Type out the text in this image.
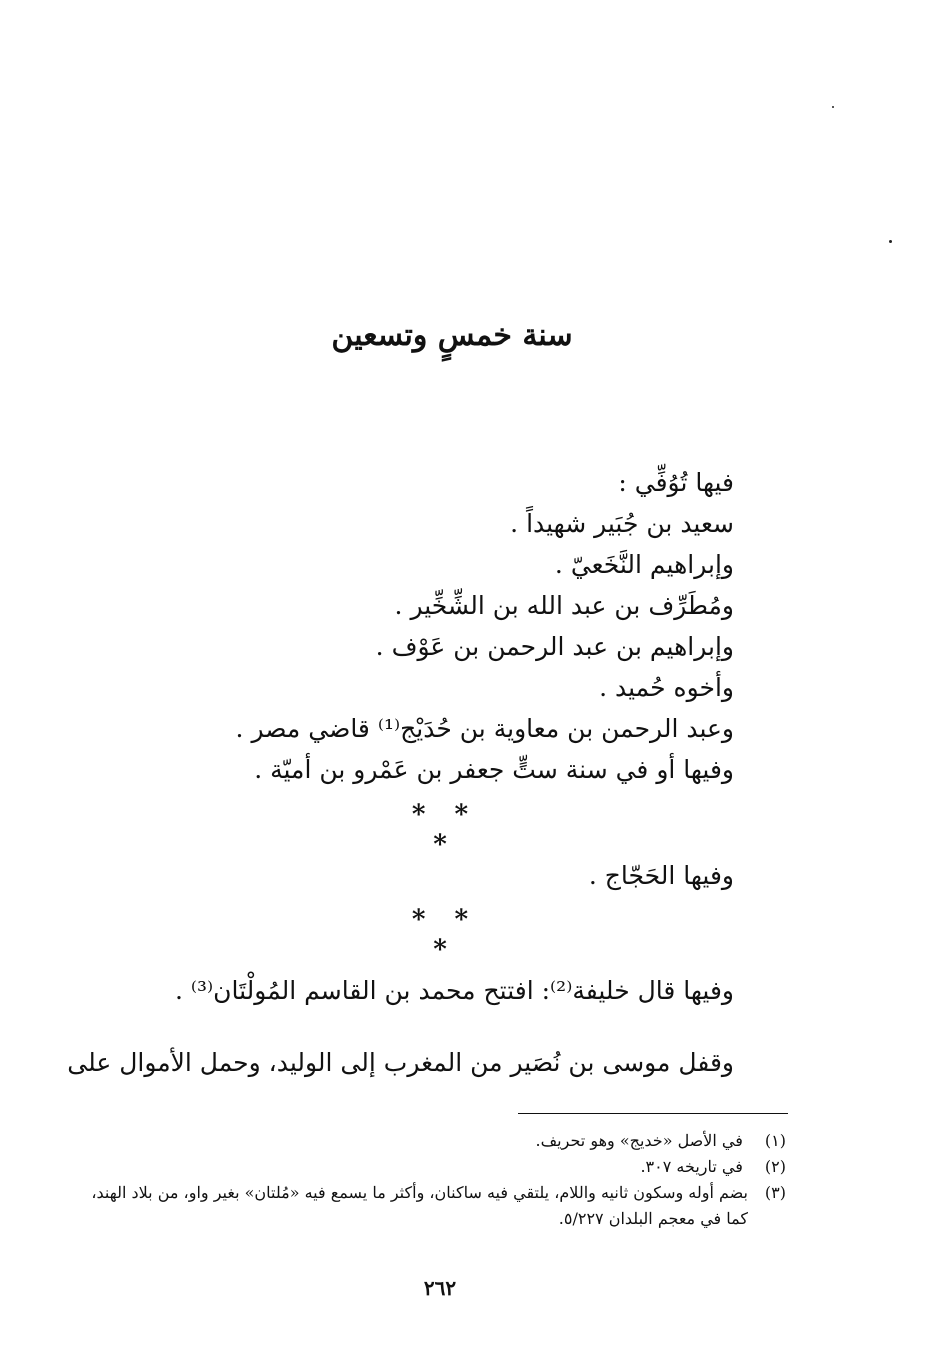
سنة خمسٍ وتسعين
فيها تُوُفِّي :
سعيد بن جُبَير شهيداً .
وإبراهيم النَّخَعيّ .
ومُطَرِّف بن عبد الله بن الشِّخِّير .
وإبراهيم بن عبد الرحمن بن عَوْف .
وأخوه حُميد .
وعبد الرحمن بن معاوية بن حُدَيْج⁽¹⁾ قاضي مصر .
وفيها أو في سنة ستٍّ جعفر بن عَمْرو بن أميّة .
* * *
وفيها الحَجّاج .
* * *
وفيها قال خليفة⁽²⁾: افتتح محمد بن القاسم المُولْتَان⁽³⁾ .
وقفل موسى بن نُصَير من المغرب إلى الوليد، وحمل الأموال على
(١) في الأصل «خديج» وهو تحريف.
(٢) في تاريخه ٣٠٧.
(٣)
بضم أوله وسكون ثانيه واللام، يلتقي فيه ساكنان، وأكثر ما يسمع فيه «مُلتان» بغير واو، من بلاد الهند، كما في معجم البلدان ٥/٢٢٧.
٢٦٢
